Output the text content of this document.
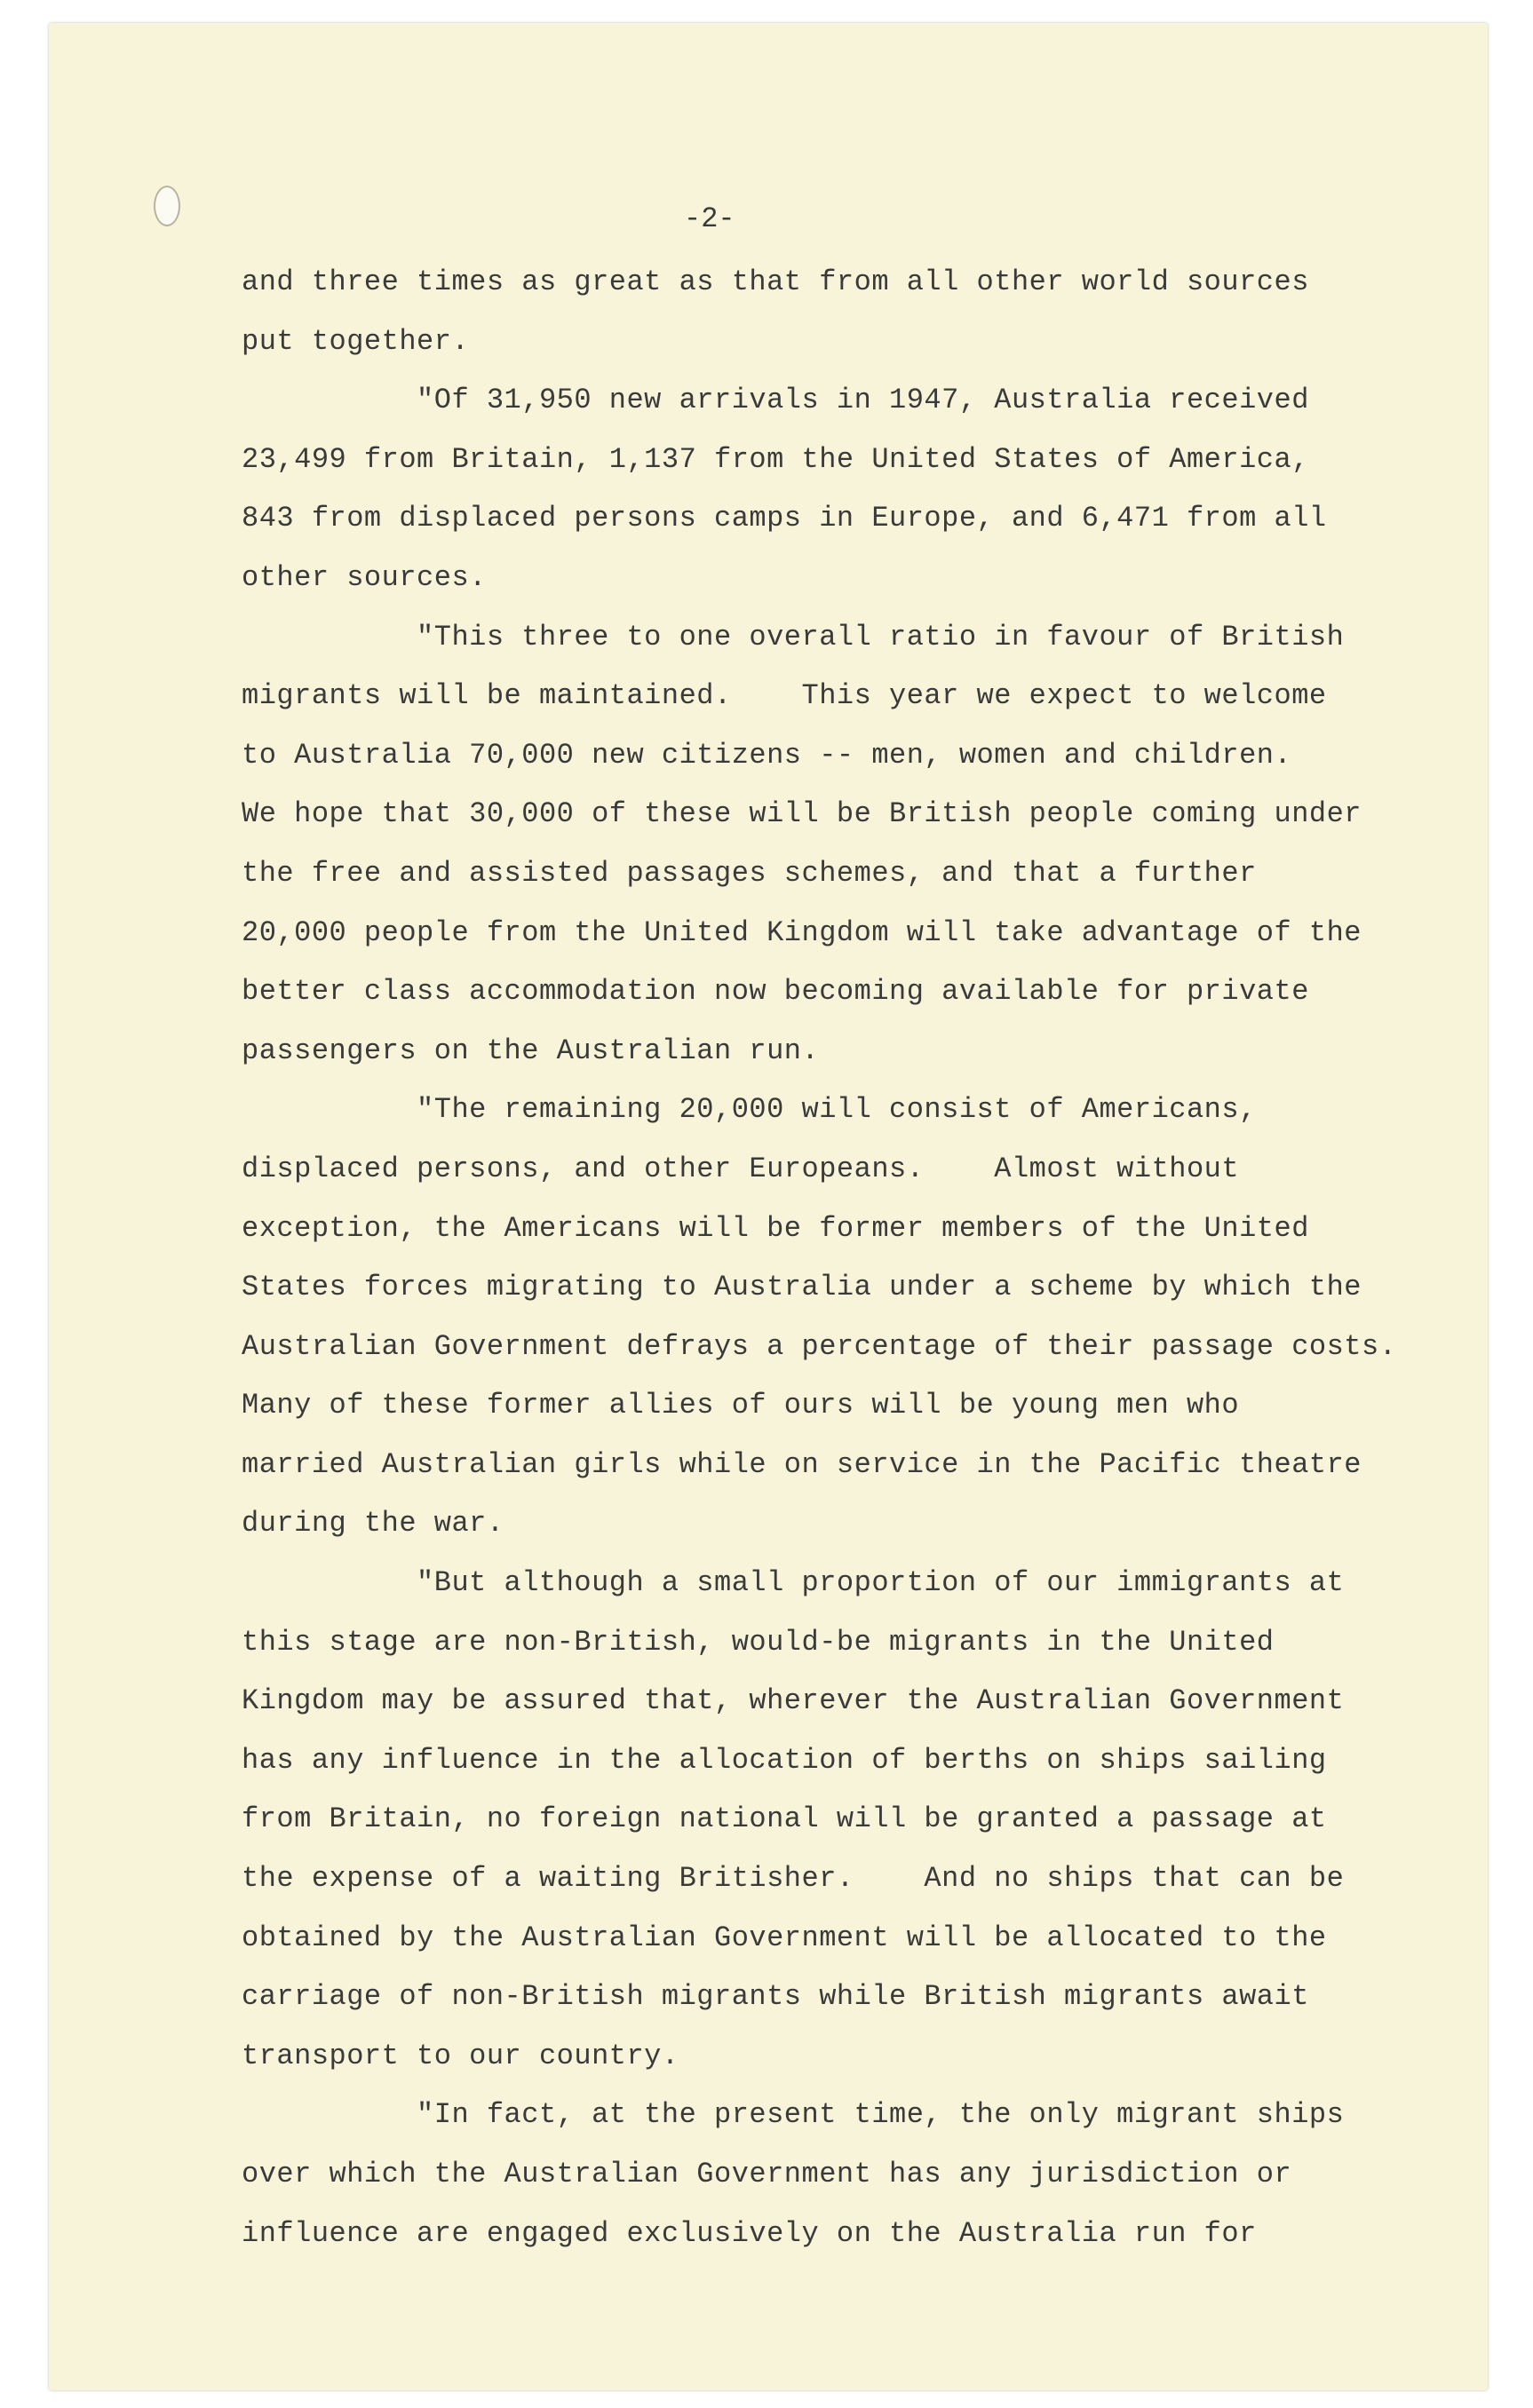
-2-
and three times as great as that from all other world sources
put together.
"Of 31,950 new arrivals in 1947, Australia received
23,499 from Britain, 1,137 from the United States of America,
843 from displaced persons camps in Europe, and 6,471 from all
other sources.
"This three to one overall ratio in favour of British
migrants will be maintained.    This year we expect to welcome
to Australia 70,000 new citizens -- men, women and children.
We hope that 30,000 of these will be British people coming under
the free and assisted passages schemes, and that a further
20,000 people from the United Kingdom will take advantage of the
better class accommodation now becoming available for private
passengers on the Australian run.
"The remaining 20,000 will consist of Americans,
displaced persons, and other Europeans.    Almost without
exception, the Americans will be former members of the United
States forces migrating to Australia under a scheme by which the
Australian Government defrays a percentage of their passage costs.
Many of these former allies of ours will be young men who
married Australian girls while on service in the Pacific theatre
during the war.
"But although a small proportion of our immigrants at
this stage are non-British, would-be migrants in the United
Kingdom may be assured that, wherever the Australian Government
has any influence in the allocation of berths on ships sailing
from Britain, no foreign national will be granted a passage at
the expense of a waiting Britisher.    And no ships that can be
obtained by the Australian Government will be allocated to the
carriage of non-British migrants while British migrants await
transport to our country.
"In fact, at the present time, the only migrant ships
over which the Australian Government has any jurisdiction or
influence are engaged exclusively on the Australia run for
